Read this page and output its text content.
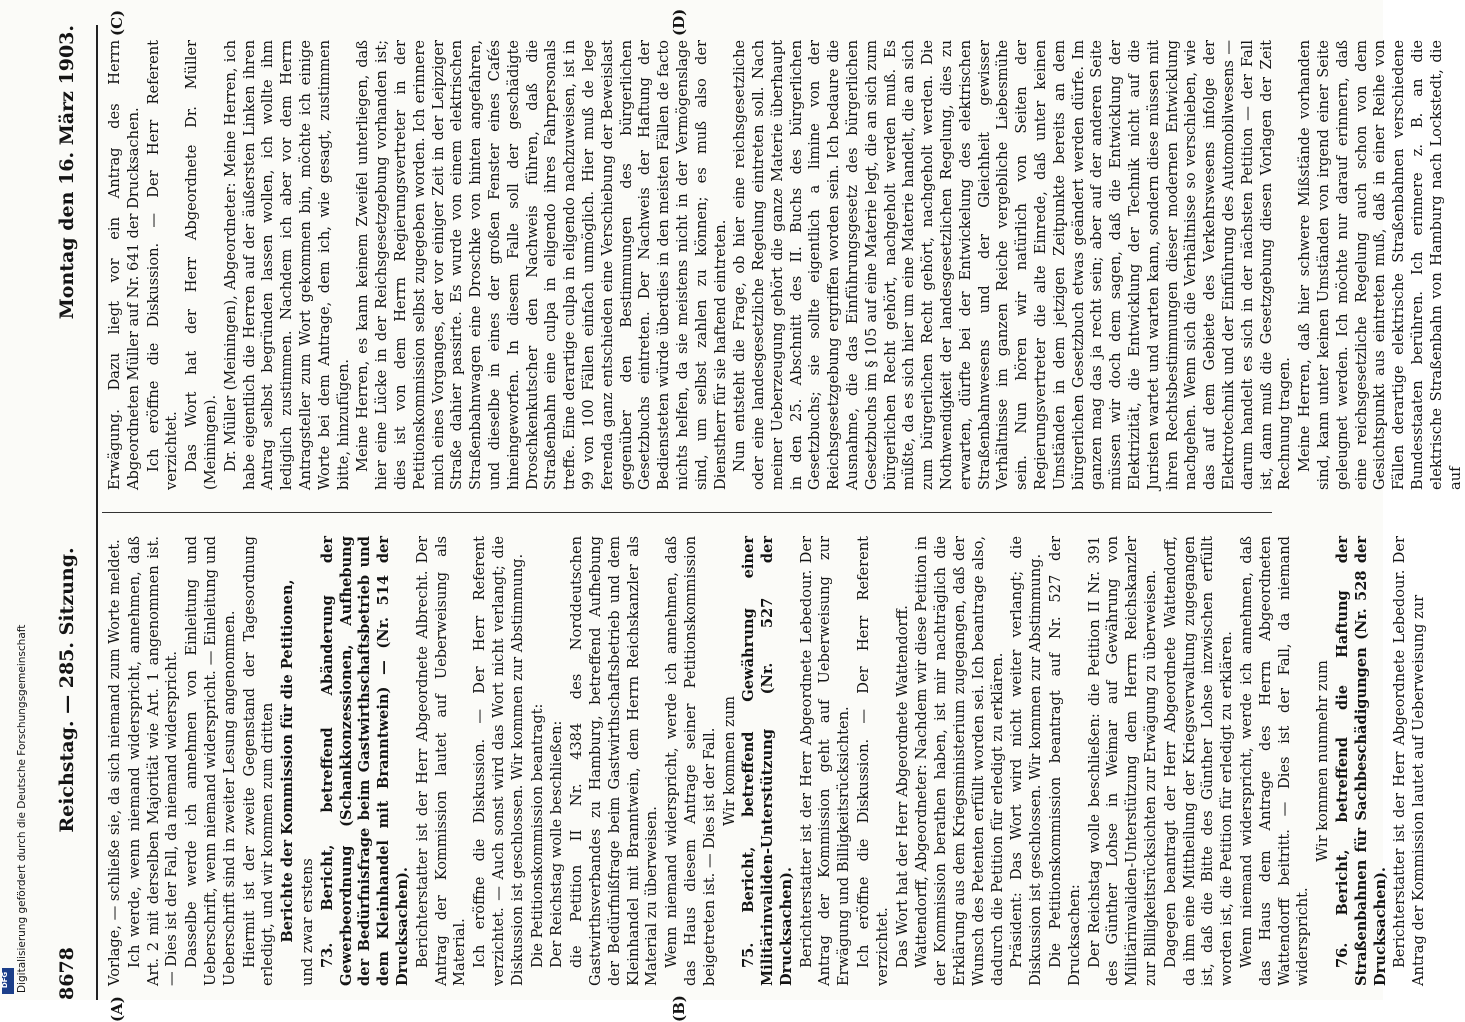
8678
Reichstag. — 285. Sitzung.
Montag den 16. März 1903.
(A)	(B)
(C)	(D)

Vorlage, — schließe sie, da sich niemand zum Worte meldet. Ich werde, wenn niemand widerspricht, annehmen, daß Art. 2 mit derselben Majorität wie Art. 1 angenommen ist. — Dies ist der Fall, da niemand widerspricht. Dasselbe werde ich annehmen von Einleitung und Ueberschrift, wenn niemand widerspricht. — Einleitung und Ueberschrift sind in zweiter Lesung angenommen. Hiermit ist der zweite Gegenstand der Tagesordnung erledigt, und wir kommen zum dritten Berichte der Kommission für die Petitionen, und zwar erstens 73. Bericht, betreffend Abänderung der Gewerbeordnung (Schankkonzessionen, Aufhebung der Bedürfnisfrage beim Gastwirthschaftsbetrieb und dem Kleinhandel mit Branntwein) — (Nr. 514 der Drucksachen). Berichterstatter ist der Herr Abgeordnete Albrecht. Der Antrag der Kommission lautet auf Ueberweisung als Material. Ich eröffne die Diskussion. — Der Herr Referent verzichtet. — Auch sonst wird das Wort nicht verlangt; die Diskussion ist geschlossen. Wir kommen zur Abstimmung. Die Petitionskommission beantragt: Der Reichstag wolle beschließen: die Petition II Nr. 4384 des Norddeutschen Gastwirthsverbandes zu Hamburg, betreffend Aufhebung der Bedürfnißfrage beim Gastwirthschaftsbetrieb und dem Kleinhandel mit Branntwein, dem Herrn Reichskanzler als Material zu überweisen. Wenn niemand widerspricht, werde ich annehmen, daß das Haus diesem Antrage seiner Petitionskommission beigetreten ist. — Dies ist der Fall. Wir kommen zum 75. Bericht, betreffend Gewährung einer Militärinvaliden-Unterstützung (Nr. 527 der Drucksachen). Berichterstatter ist der Herr Abgeordnete Lebedour. Der Antrag der Kommission geht auf Ueberweisung zur Erwägung und Billigkeitsrücksichten. Ich eröffne die Diskussion. — Der Herr Referent verzichtet. Das Wort hat der Herr Abgeordnete Wattendorff. Wattendorff, Abgeordneter: Nachdem wir diese Petition in der Kommission berathen haben, ist mir nachträglich die Erklärung aus dem Kriegsministerium zugegangen, daß der Wunsch des Petenten erfüllt worden sei. Ich beantrage also, dadurch die Petition für erledigt zu erklären. Präsident: Das Wort wird nicht weiter verlangt; die Diskussion ist geschlossen. Wir kommen zur Abstimmung. Die Petitionskommission beantragt auf Nr. 527 der Drucksachen: Der Reichstag wolle beschließen: die Petition II Nr. 391 des Günther Lohse in Weimar auf Gewährung von Militärinvaliden-Unterstützung dem Herrn Reichskanzler zur Billigkeitsrücksichten zur Erwägung zu überweisen. Dagegen beantragt der Herr Abgeordnete Wattendorff, da ihm eine Mittheilung der Kriegsverwaltung zugegangen ist, daß die Bitte des Günther Lohse inzwischen erfüllt worden ist, die Petition für erledigt zu erklären. Wenn niemand widerspricht, werde ich annehmen, daß das Haus dem Antrage des Herrn Abgeordneten Wattendorff beitritt. — Dies ist der Fall, da niemand widerspricht.

Wir kommen nunmehr zum 76. Bericht, betreffend die Haftung der Straßenbahnen für Sachbeschädigungen (Nr. 528 der Drucksachen). Berichterstatter ist der Herr Abgeordnete Lebedour. Der Antrag der Kommission lautet auf Ueberweisung zur

Erwägung. Dazu liegt vor ein Antrag des Herrn Abgeordneten Müller auf Nr. 641 der Drucksachen. Ich eröffne die Diskussion. — Der Herr Referent verzichtet. Das Wort hat der Herr Abgeordnete Dr. Müller (Meiningen). Dr. Müller (Meiningen), Abgeordneter: Meine Herren, ich habe eigentlich die Herren auf der äußersten Linken ihren Antrag selbst begründen lassen wollen, ich wollte ihm lediglich zustimmen. Nachdem ich aber vor dem Herrn Antragsteller zum Wort gekommen bin, möchte ich einige Worte bei dem Antrage, dem ich, wie gesagt, zustimmen bitte, hinzufügen. Meine Herren, es kann keinem Zweifel unterliegen, daß hier eine Lücke in der Reichsgesetzgebung vorhanden ist; dies ist von dem Herrn Regierungsvertreter in der Petitionskommission selbst zugegeben worden. Ich erinnere mich eines Vorganges, der vor einiger Zeit in der Leipziger Straße dahier passirte. Es wurde von einem elektrischen Straßenbahnwagen eine Droschke von hinten angefahren, und dieselbe in eines der großen Fenster eines Cafés hineingeworfen. In diesem Falle soll der geschädigte Droschkenkutscher den Nachweis führen, daß die Straßenbahn eine culpa in eligendo ihres Fahrpersonals treffe. Eine derartige culpa in eligendo nachzuweisen, ist in 99 von 100 Fällen einfach unmöglich. Hier muß de lege ferenda ganz entschieden eine Verschiebung der Beweislast gegenüber den Bestimmungen des bürgerlichen Gesetzbuchs eintreten. Der Nachweis der Haftung der Bediensteten würde überdies in den meisten Fällen de facto nichts helfen, da sie meistens nicht in der Vermögenslage sind, um selbst zahlen zu können; es muß also der Dienstherr für sie haftend eintreten. Nun entsteht die Frage, ob hier eine reichsgesetzliche oder eine landesgesetzliche Regelung eintreten soll. Nach meiner Ueberzeugung gehört die ganze Materie überhaupt in den 25. Abschnitt des II. Buchs des bürgerlichen Gesetzbuchs; sie sollte eigentlich a limine von der Reichsgesetzgebung ergriffen worden sein. Ich bedaure die Ausnahme, die das Einführungsgesetz des bürgerlichen Gesetzbuchs im § 105 auf eine Materie legt, die an sich zum bürgerlichen Recht gehört, nachgeholt werden muß. Es müßte, da es sich hier um eine Materie handelt, die an sich zum bürgerlichen Recht gehört, nachgeholt werden. Die Nothwendigkeit der landesgesetzlichen Regelung, dies zu erwarten, dürfte bei der Entwickelung des elektrischen Straßenbahnwesens und der Gleichheit gewisser Verhältnisse im ganzen Reiche vergebliche Liebesmühe sein. Nun hören wir natürlich von Seiten der Regierungsvertreter die alte Einrede, daß unter keinen Umständen in dem jetzigen Zeitpunkte bereits an dem bürgerlichen Gesetzbuch etwas geändert werden dürfe. Im ganzen mag das ja recht sein; aber auf der anderen Seite müssen wir doch dem sagen, daß die Entwicklung der Elektrizität, die Entwicklung der Technik nicht auf die Juristen wartet und warten kann, sondern diese müssen mit ihren Rechtsbestimmungen dieser modernen Entwicklung nachgehen. Wenn sich die Verhältnisse so verschieben, wie das auf dem Gebiete des Verkehrswesens infolge der Elektrotechnik und der Einführung des Automobilwesens — darum handelt es sich in der nächsten Petition — der Fall ist, dann muß die Gesetzgebung diesen Vorlagen der Zeit Rechnung tragen. Meine Herren, daß hier schwere Mißstände vorhanden sind, kann unter keinen Umständen von irgend einer Seite geleugnet werden. Ich möchte nur darauf erinnern, daß eine reichsgesetzliche Regelung auch schon von dem Gesichtspunkt aus eintreten muß, daß in einer Reihe von Fällen derartige elektrische Straßenbahnen verschiedene Bundesstaaten berühren. Ich erinnere z. B. an die elektrische Straßenbahn von Hamburg nach Lockstedt, die auf

Digitalisierung gefördert durch die Deutsche Forschungsgemeinschaft
DFG
